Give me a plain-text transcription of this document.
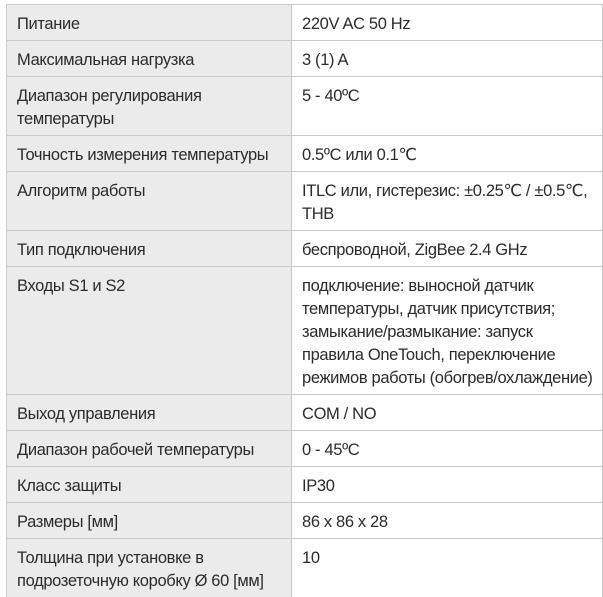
Питание	220V AC 50 Hz
Максимальная нагрузка	3 (1) A
Диапазон регулирования температуры	5 - 40ºC
Точность измерения температуры	0.5ºC или 0.1℃
Алгоритм работы	ITLC или, гистерезис: ±0.25℃ / ±0.5℃, THB
Тип подключения	беспроводной, ZigBee 2.4 GHz
Входы S1 и S2	подключение: выносной датчик температуры, датчик присутствия; замыкание/размыкание: запуск правила OneTouch, переключение режимов работы (обогрев/охлаждение)
Выход управления	COM / NO
Диапазон рабочей температуры	0 - 45ºC
Класс защиты	IP30
Размеры [мм]	86 x 86 x 28
Толщина при установке в подрозеточную коробку Ø 60 [мм]	10
